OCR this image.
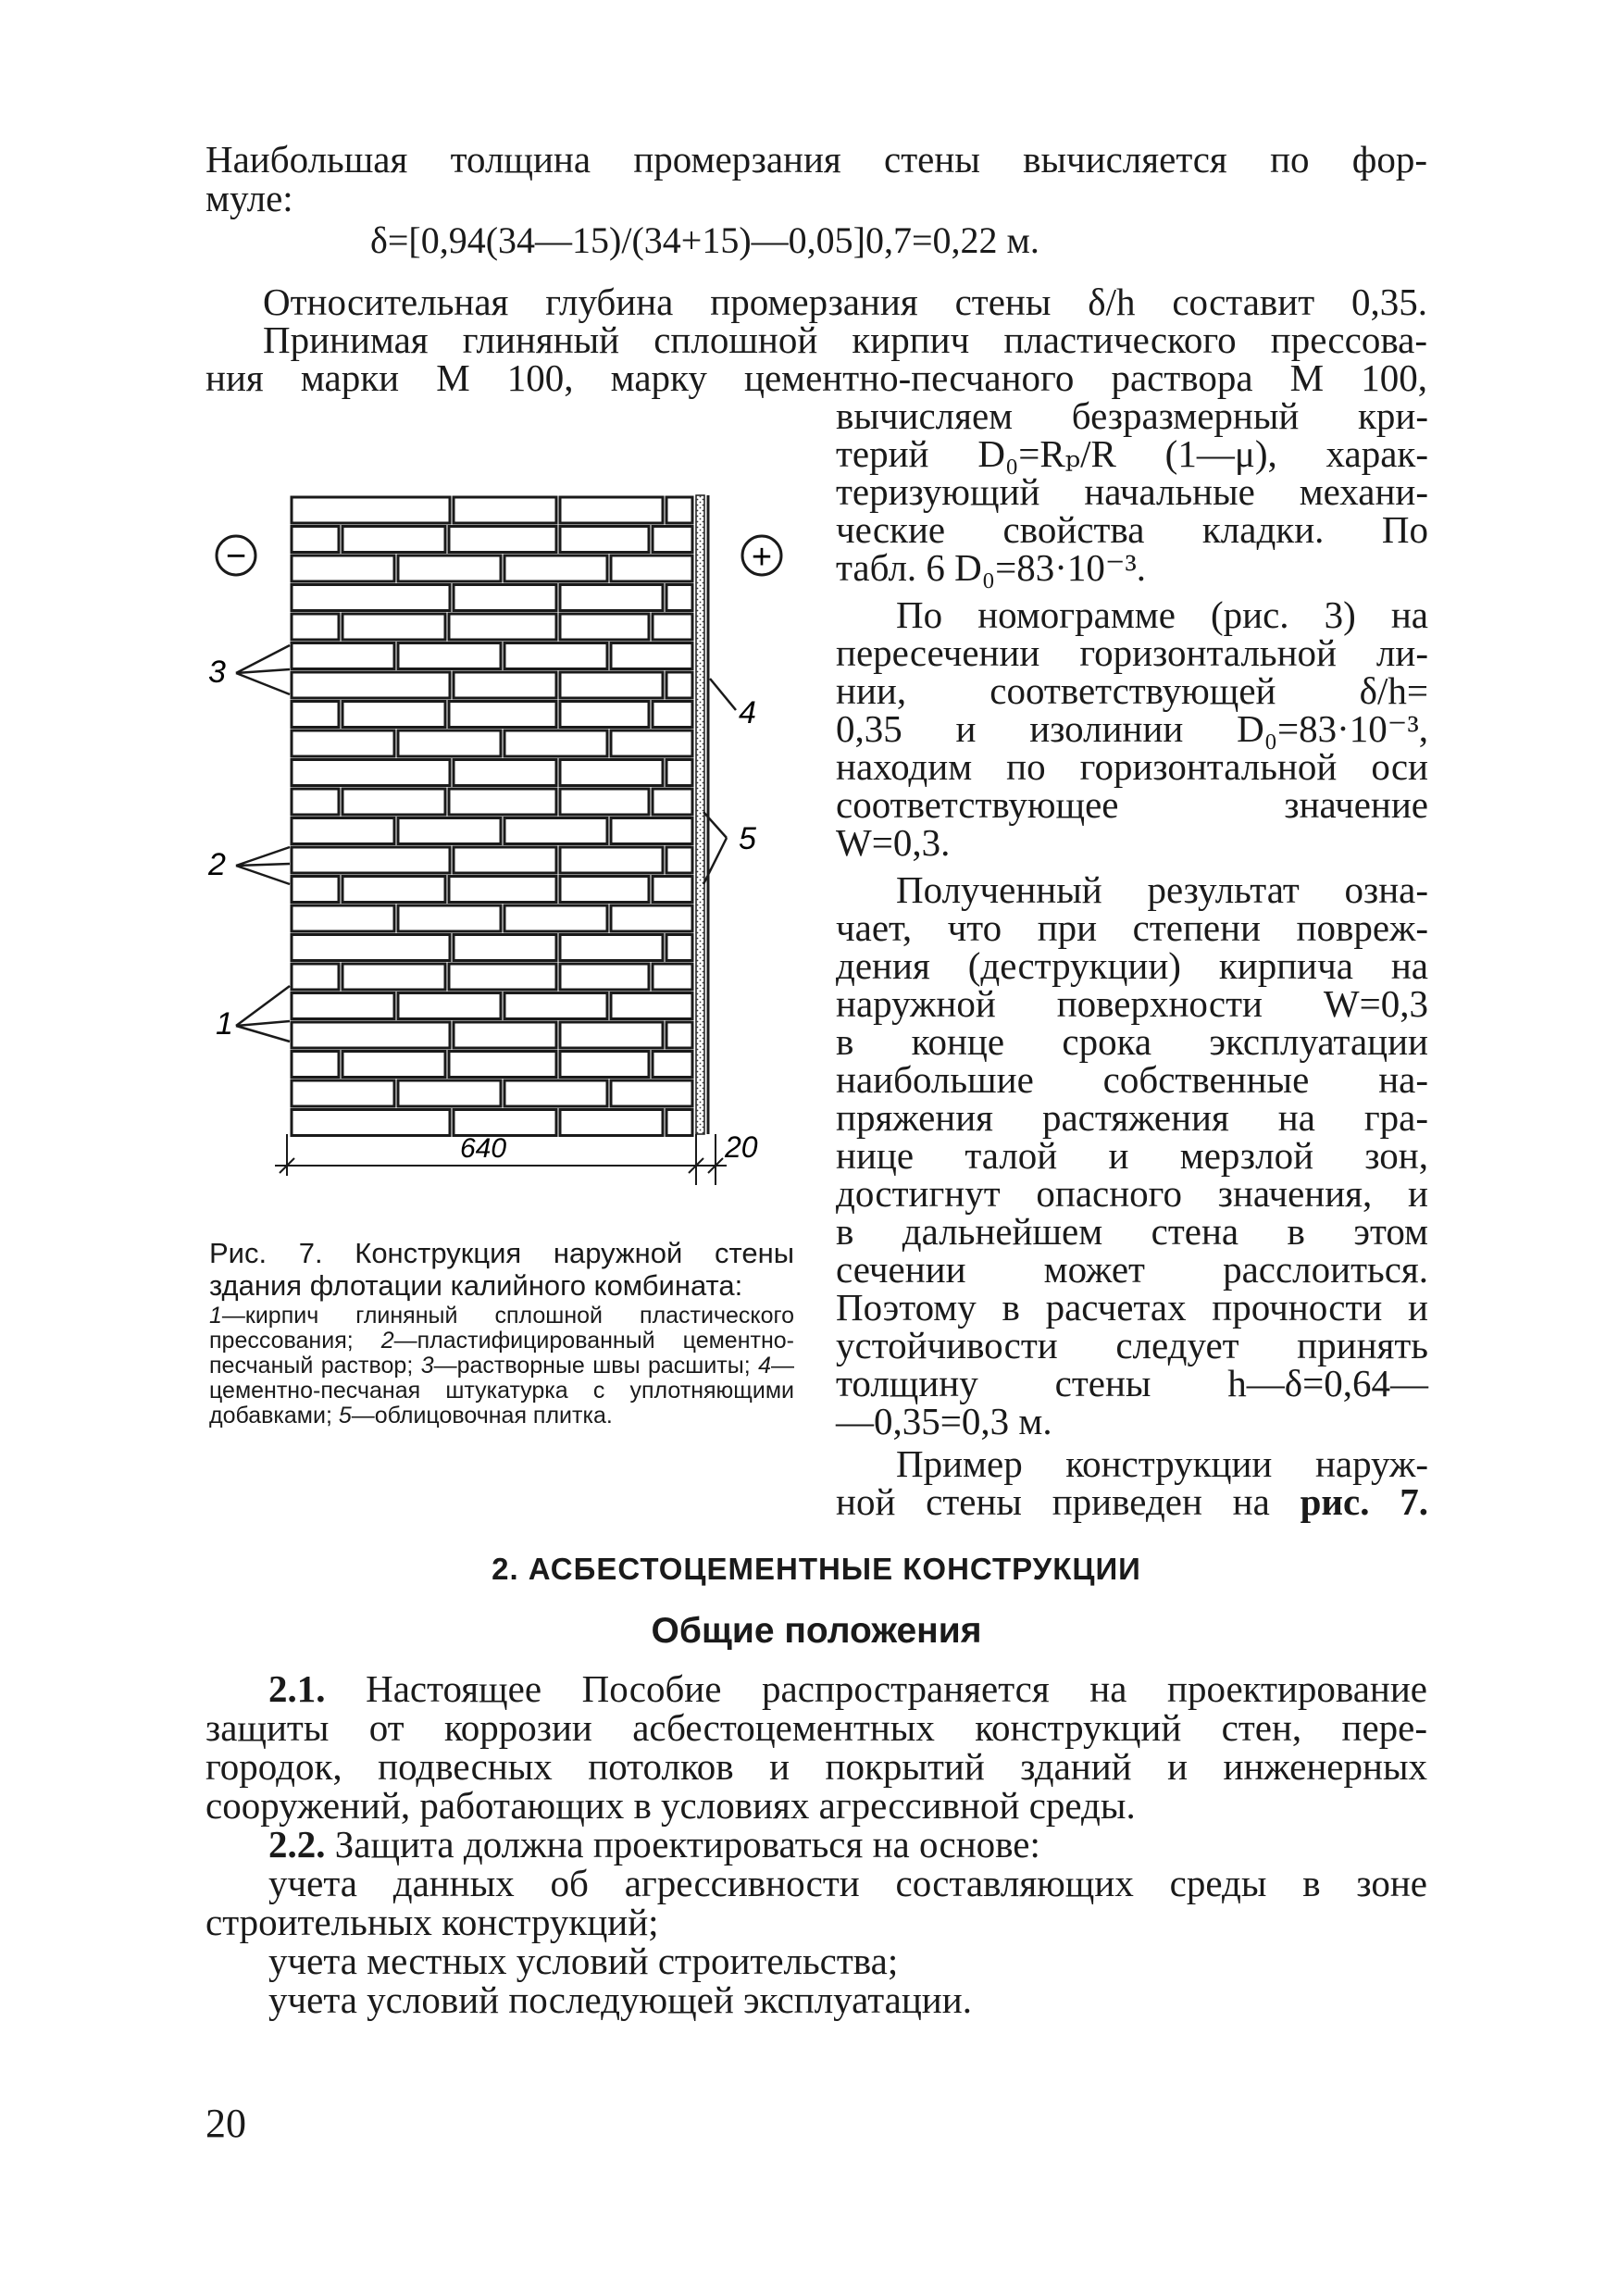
Наибольшая толщина промерзания стены вычисляется по фор-
муле:
δ=[0,94(34—15)/(34+15)—0,05]0,7=0,22 м.
Относительная глубина промерзания стены δ/h составит 0,35.
Принимая глиняный сплошной кирпич пластического прессова-
ния марки М 100, марку цементно-песчаного раствора М 100,
вычисляем безразмерный кри-
терий D₀=Rₚ/R (1—μ), харак-
теризующий начальные механи-
ческие свойства кладки. По
табл. 6 D₀=83·10⁻³.
По номограмме (рис. 3) на
пересечении горизонтальной ли-
нии, соответствующей δ/h=
0,35 и изолинии D₀=83·10⁻³,
находим по горизонтальной оси
соответствующее значение
W=0,3.
Полученный результат озна-
чает, что при степени повреж-
дения (деструкции) кирпича на
наружной поверхности W=0,3
в конце срока эксплуатации
наибольшие собственные на-
пряжения растяжения на гра-
нице талой и мерзлой зон,
достигнут опасного значения, и
в дальнейшем стена в этом
сечении может расслоиться.
Поэтому в расчетах прочности и
устойчивости следует принять
толщину стены h—δ=0,64—
—0,35=0,3 м.
Пример конструкции наруж-
ной стены приведен на рис. 7.
−	+
3
4
2
5
1
640	20
Рис. 7. Конструкция наружной стены здания флотации калийного комбината:
1—кирпич глиняный сплошной пластического прессования; 2—пластифицированный цементно-песчаный раствор; 3—растворные швы расшиты; 4—цементно-песчаная штукатурка с уплотняющими добавками; 5—облицовочная плитка.
2. АСБЕСТОЦЕМЕНТНЫЕ КОНСТРУКЦИИ
Общие положения
2.1. Настоящее Пособие распространяется на проектирование
защиты от коррозии асбестоцементных конструкций стен, пере-
городок, подвесных потолков и покрытий зданий и инженерных
сооружений, работающих в условиях агрессивной среды.
2.2. Защита должна проектироваться на основе:
учета данных об агрессивности составляющих среды в зоне
строительных конструкций;
учета местных условий строительства;
учета условий последующей эксплуатации.
20
